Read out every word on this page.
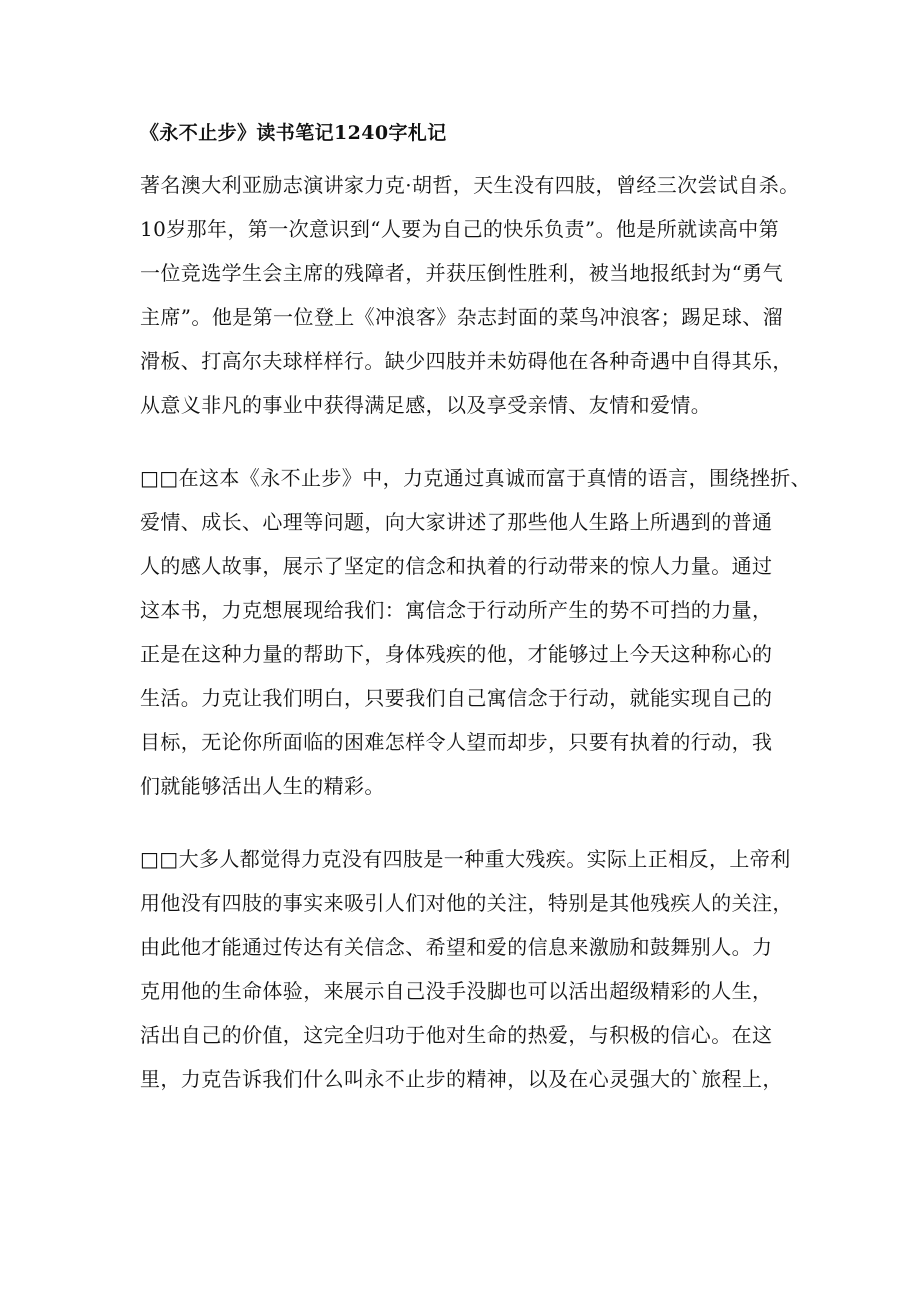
《永不止步》读书笔记1240字札记

著名澳大利亚励志演讲家力克·胡哲，天生没有四肢，曾经三次尝试自杀。

10岁那年，第一次意识到“人要为自己的快乐负责”。他是所就读高中第

一位竞选学生会主席的残障者，并获压倒性胜利，被当地报纸封为“勇气

主席”。他是第一位登上《冲浪客》杂志封面的菜鸟冲浪客；踢足球、溜

滑板、打高尔夫球样样行。缺少四肢并未妨碍他在各种奇遇中自得其乐，

从意义非凡的事业中获得满足感，以及享受亲情、友情和爱情。

□□在这本《永不止步》中，力克通过真诚而富于真情的语言，围绕挫折、

爱情、成长、心理等问题，向大家讲述了那些他人生路上所遇到的普通

人的感人故事，展示了坚定的信念和执着的行动带来的惊人力量。通过

这本书，力克想展现给我们：寓信念于行动所产生的势不可挡的力量，

正是在这种力量的帮助下，身体残疾的他，才能够过上今天这种称心的

生活。力克让我们明白，只要我们自己寓信念于行动，就能实现自己的

目标，无论你所面临的困难怎样令人望而却步，只要有执着的行动，我

们就能够活出人生的精彩。

□□大多人都觉得力克没有四肢是一种重大残疾。实际上正相反，上帝利

用他没有四肢的事实来吸引人们对他的关注，特别是其他残疾人的关注，

由此他才能通过传达有关信念、希望和爱的信息来激励和鼓舞别人。力

克用他的生命体验，来展示自己没手没脚也可以活出超级精彩的人生，

活出自己的价值，这完全归功于他对生命的热爱，与积极的信心。在这

里，力克告诉我们什么叫永不止步的精神，以及在心灵强大的`旅程上，
